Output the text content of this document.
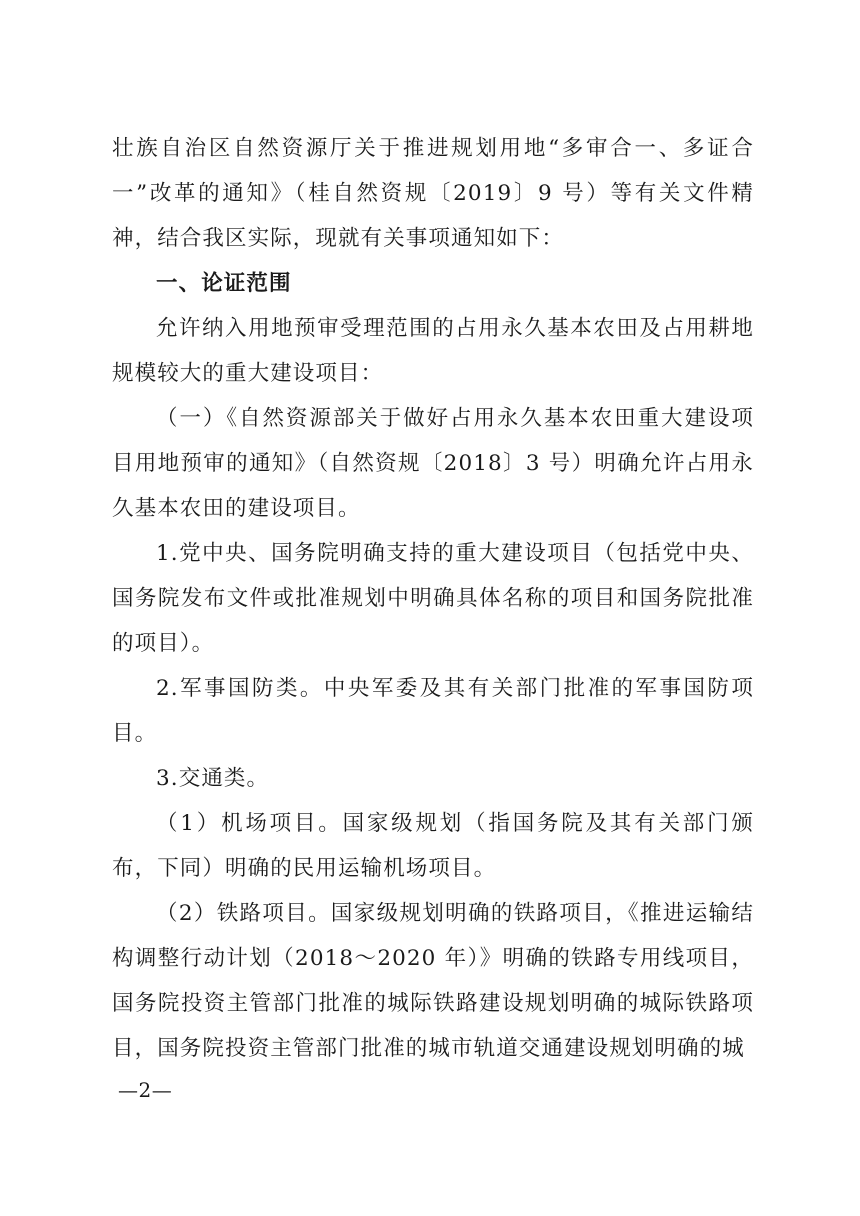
壮族自治区自然资源厅关于推进规划用地“多审合一、多证合一”改革的通知》（桂自然资规〔2019〕9 号）等有关文件精神，结合我区实际，现就有关事项通知如下：

一、论证范围

允许纳入用地预审受理范围的占用永久基本农田及占用耕地规模较大的重大建设项目：

（一）《自然资源部关于做好占用永久基本农田重大建设项目用地预审的通知》（自然资规〔2018〕3 号）明确允许占用永久基本农田的建设项目。

1.党中央、国务院明确支持的重大建设项目（包括党中央、国务院发布文件或批准规划中明确具体名称的项目和国务院批准的项目）。

2.军事国防类。中央军委及其有关部门批准的军事国防项目。

3.交通类。

（1）机场项目。国家级规划（指国务院及其有关部门颁布，下同）明确的民用运输机场项目。

（2）铁路项目。国家级规划明确的铁路项目，《推进运输结构调整行动计划（2018～2020 年）》明确的铁路专用线项目，国务院投资主管部门批准的城际铁路建设规划明确的城际铁路项目，国务院投资主管部门批准的城市轨道交通建设规划明确的城

—2—
